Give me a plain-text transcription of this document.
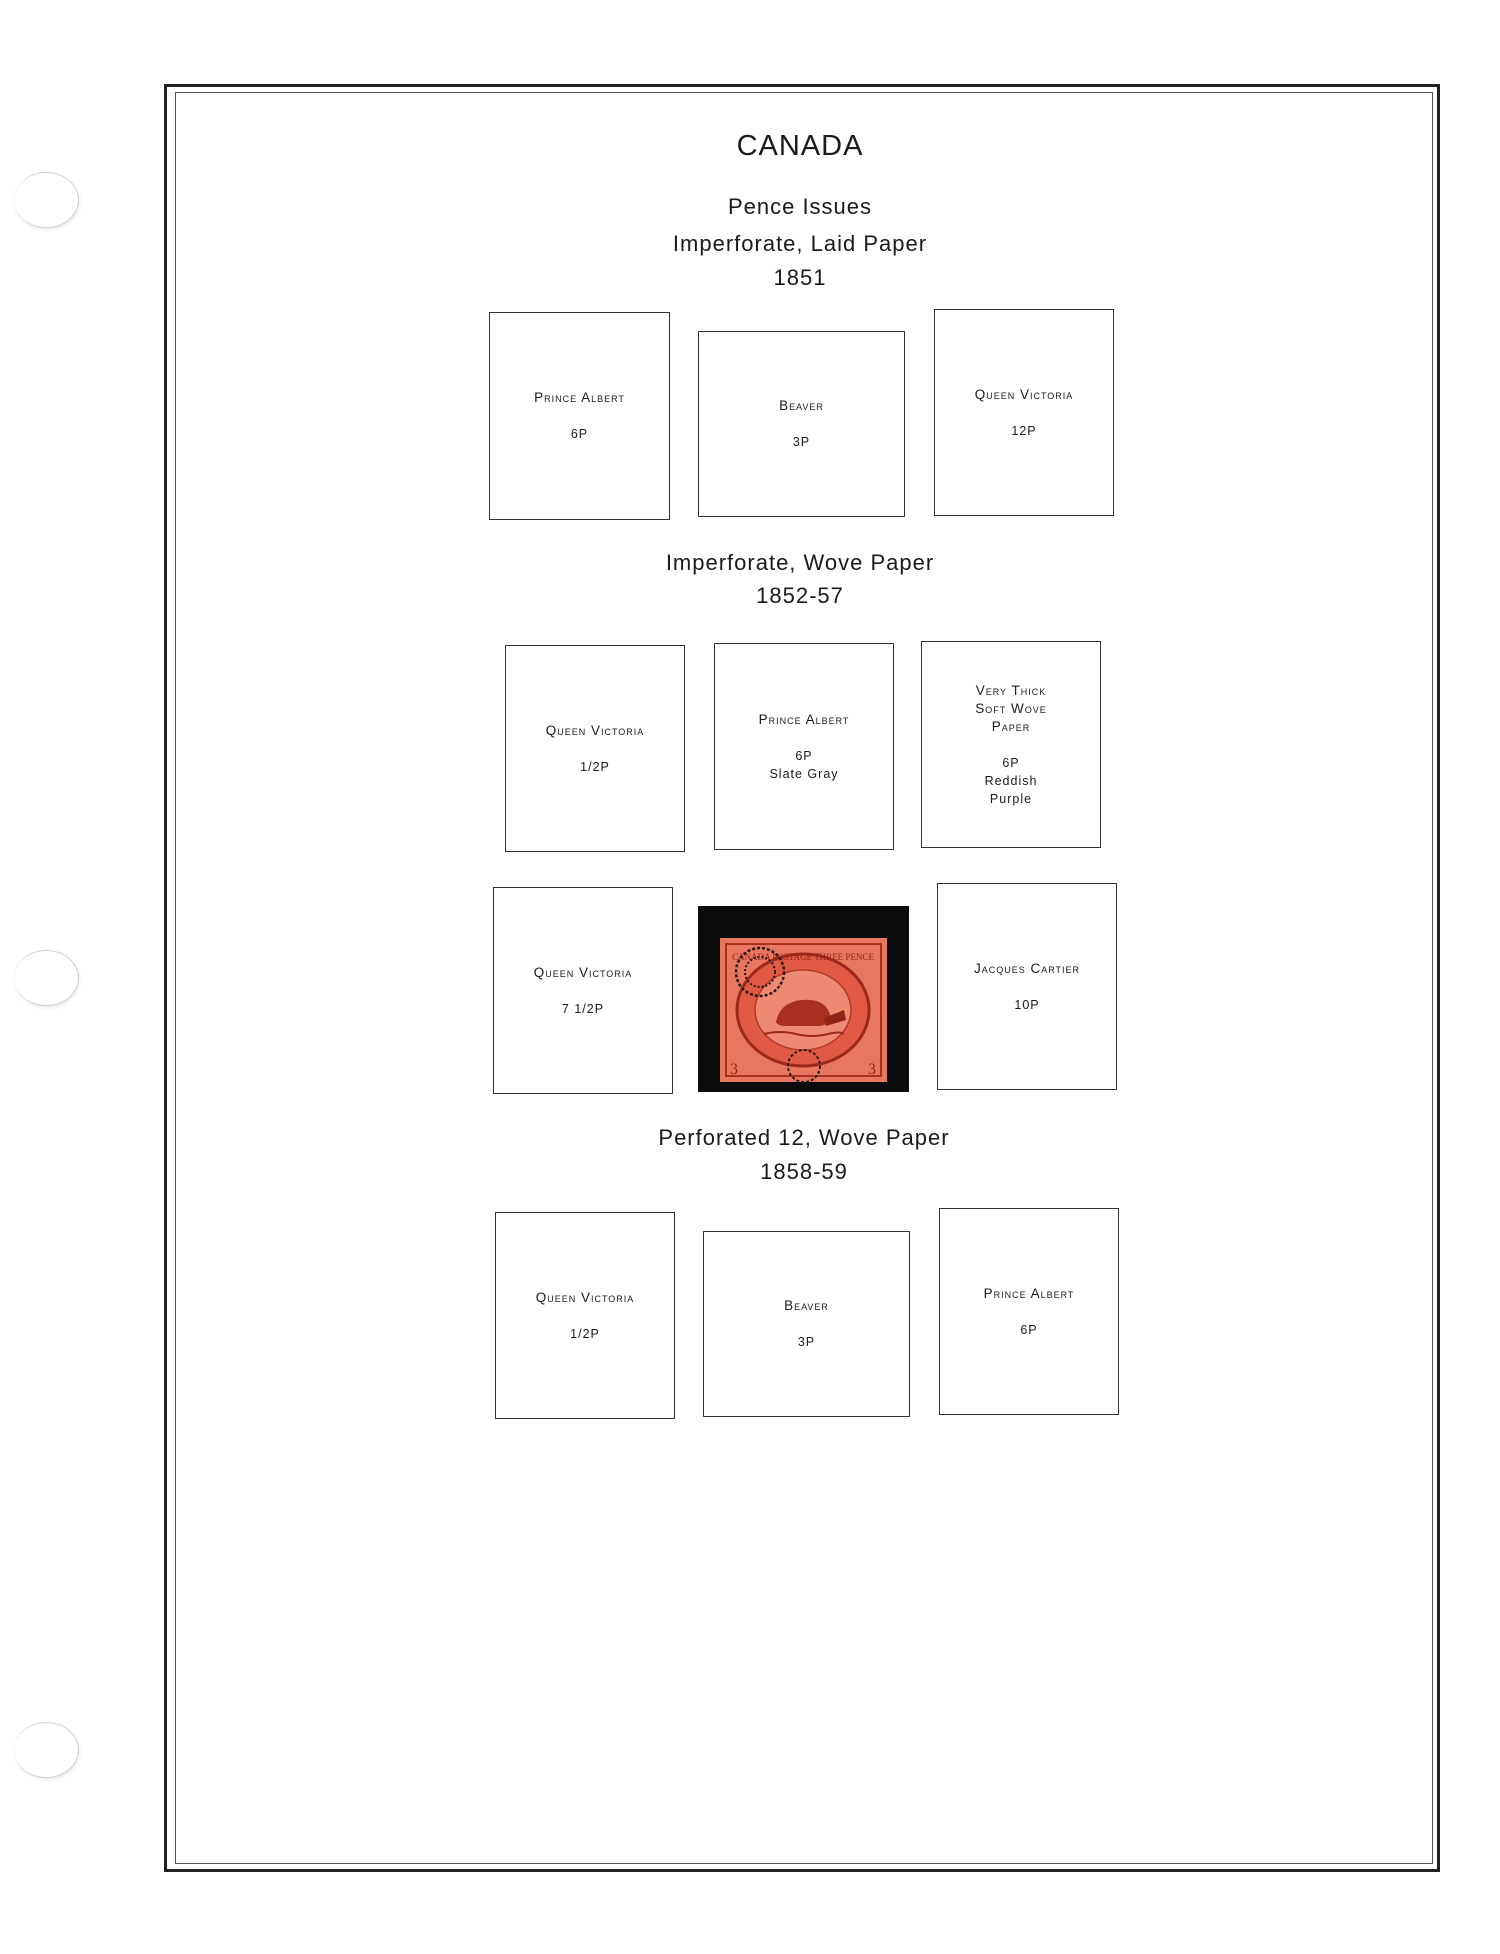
CANADA
Pence Issues
Imperforate, Laid Paper
1851
Prince Albert
6P
Beaver
3P
Queen Victoria
12P
Imperforate, Wove Paper
1852-57
Queen Victoria
1/2P
Prince Albert
6P
Slate Gray
Very Thick
Soft Wove
Paper
6P
Reddish
Purple
Queen Victoria
7 1/2P
CANADA POSTAGE THREE PENCE
3	3
Jacques Cartier
10P
Perforated 12, Wove Paper
1858-59
Queen Victoria
1/2P
Beaver
3P
Prince Albert
6P
